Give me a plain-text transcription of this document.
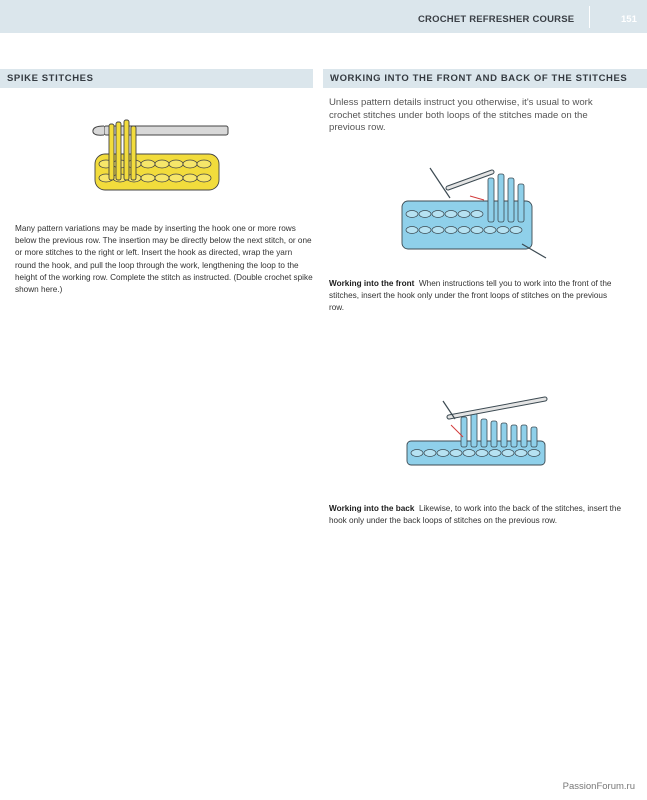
CROCHET REFRESHER COURSE	151
SPIKE STITCHES	WORKING INTO THE FRONT AND BACK OF THE STITCHES
Many pattern variations may be made by inserting the hook one or more rows below the previous row. The insertion may be directly below the next stitch, or one or more stitches to the right or left. Insert the hook as directed, wrap the yarn round the hook, and pull the loop through the work, lengthening the loop to the height of the working row. Complete the stitch as instructed. (Double crochet spike shown here.)
Unless pattern details instruct you otherwise, it's usual to work crochet stitches under both loops of the stitches made on the previous row.
Working into the front When instructions tell you to work into the front of the stitches, insert the hook only under the front loops of stitches on the previous row.
Working into the back Likewise, to work into the back of the stitches, insert the hook only under the back loops of stitches on the previous row.
PassionForum.ru
